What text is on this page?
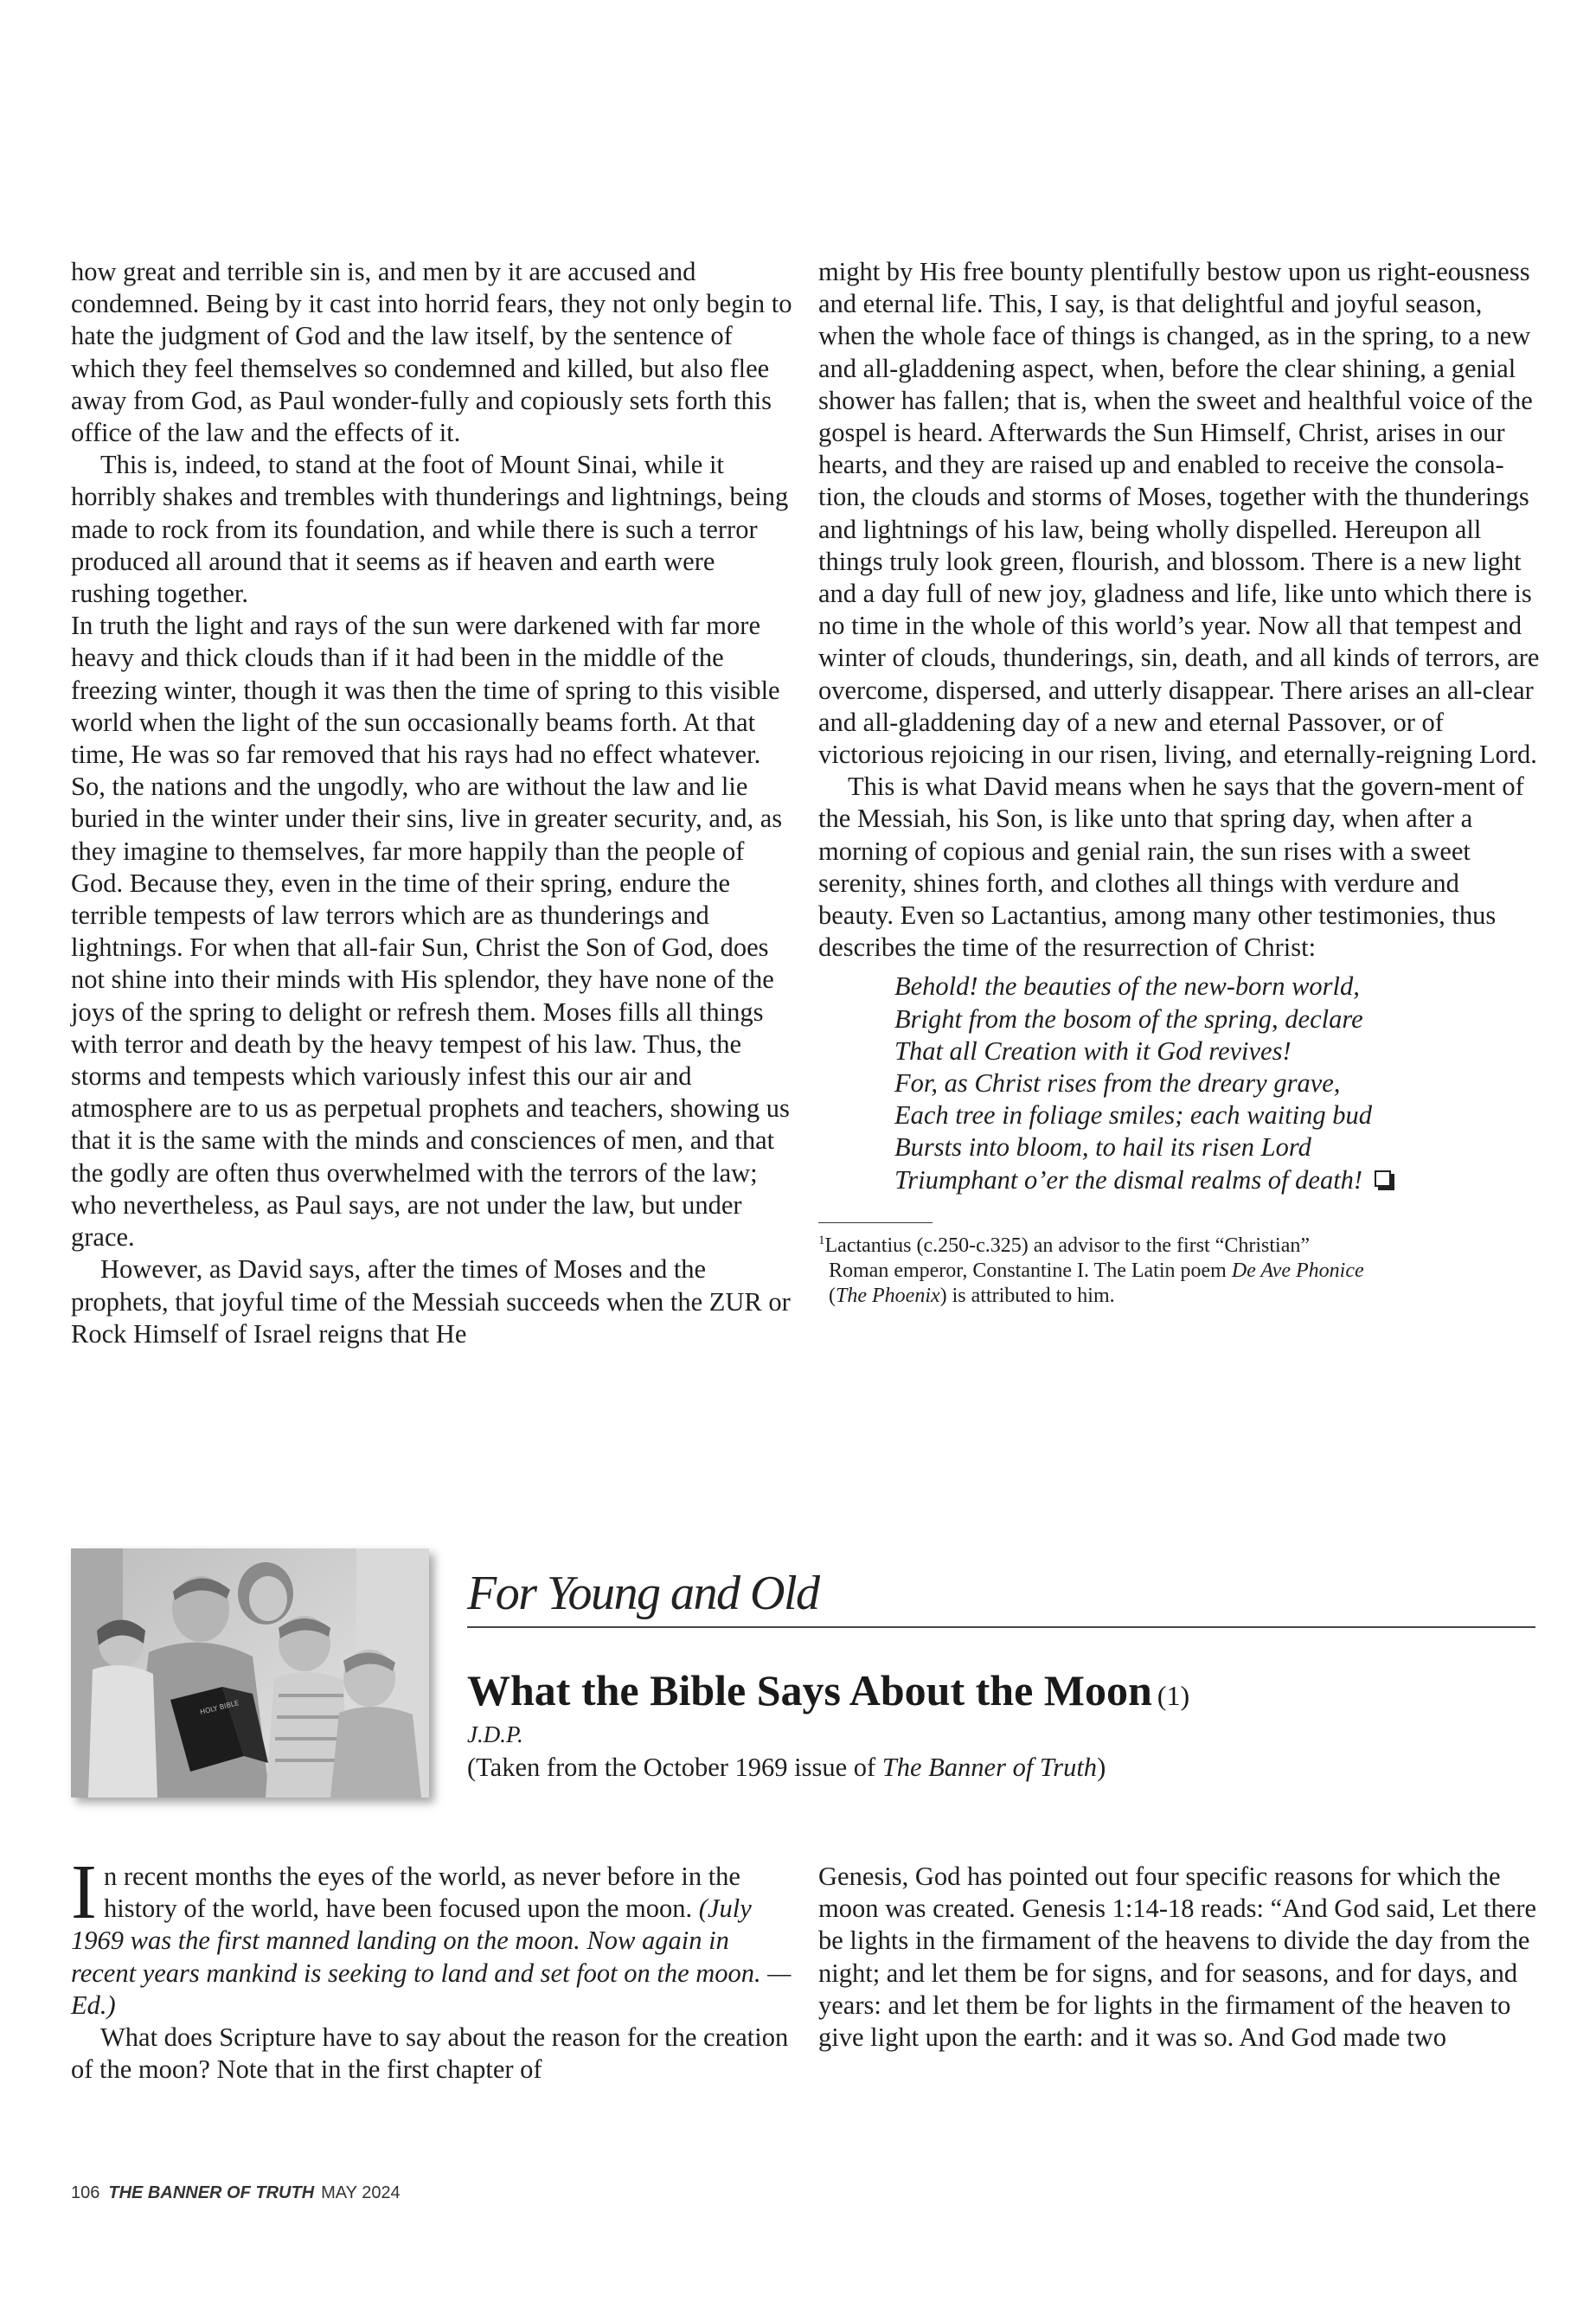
how great and terrible sin is, and men by it are accused and condemned. Being by it cast into horrid fears, they not only begin to hate the judgment of God and the law itself, by the sentence of which they feel themselves so condemned and killed, but also flee away from God, as Paul wonder-fully and copiously sets forth this office of the law and the effects of it.

This is, indeed, to stand at the foot of Mount Sinai, while it horribly shakes and trembles with thunderings and lightnings, being made to rock from its foundation, and while there is such a terror produced all around that it seems as if heaven and earth were rushing together.

In truth the light and rays of the sun were darkened with far more heavy and thick clouds than if it had been in the middle of the freezing winter, though it was then the time of spring to this visible world when the light of the sun occasionally beams forth. At that time, He was so far removed that his rays had no effect whatever. So, the nations and the ungodly, who are without the law and lie buried in the winter under their sins, live in greater security, and, as they imagine to themselves, far more happily than the people of God. Because they, even in the time of their spring, endure the terrible tempests of law terrors which are as thunderings and lightnings. For when that all-fair Sun, Christ the Son of God, does not shine into their minds with His splendor, they have none of the joys of the spring to delight or refresh them. Moses fills all things with terror and death by the heavy tempest of his law. Thus, the storms and tempests which variously infest this our air and atmosphere are to us as perpetual prophets and teachers, showing us that it is the same with the minds and consciences of men, and that the godly are often thus overwhelmed with the terrors of the law; who nevertheless, as Paul says, are not under the law, but under grace.

However, as David says, after the times of Moses and the prophets, that joyful time of the Messiah succeeds when the ZUR or Rock Himself of Israel reigns that He

might by His free bounty plentifully bestow upon us right-eousness and eternal life. This, I say, is that delightful and joyful season, when the whole face of things is changed, as in the spring, to a new and all-gladdening aspect, when, before the clear shining, a genial shower has fallen; that is, when the sweet and healthful voice of the gospel is heard. Afterwards the Sun Himself, Christ, arises in our hearts, and they are raised up and enabled to receive the consola-tion, the clouds and storms of Moses, together with the thunderings and lightnings of his law, being wholly dispelled. Hereupon all things truly look green, flourish, and blossom. There is a new light and a day full of new joy, gladness and life, like unto which there is no time in the whole of this world’s year. Now all that tempest and winter of clouds, thunderings, sin, death, and all kinds of terrors, are overcome, dispersed, and utterly disappear. There arises an all-clear and all-gladdening day of a new and eternal Passover, or of victorious rejoicing in our risen, living, and eternally-reigning Lord.

This is what David means when he says that the govern-ment of the Messiah, his Son, is like unto that spring day, when after a morning of copious and genial rain, the sun rises with a sweet serenity, shines forth, and clothes all things with verdure and beauty. Even so Lactantius, among many other testimonies, thus describes the time of the resurrection of Christ:

Behold! the beauties of the new-born world,
Bright from the bosom of the spring, declare
That all Creation with it God revives!
For, as Christ rises from the dreary grave,
Each tree in foliage smiles; each waiting bud
Bursts into bloom, to hail its risen Lord
Triumphant o’er the dismal realms of death!
$^1$Lactantius (c.250-c.325) an advisor to the first “Christian”
Roman emperor, Constantine I. The Latin poem De Ave Phonice
(The Phoenix) is attributed to him.
HOLY BIBLE
For Young and Old
What the Bible Says About the Moon (1)
J.D.P.
(Taken from the October 1969 issue of The Banner of Truth)

In recent months the eyes of the world, as never before in the history of the world, have been focused upon the moon. (July 1969 was the first manned landing on the moon. Now again in recent years mankind is seeking to land and set foot on the moon. —Ed.)

What does Scripture have to say about the reason for the creation of the moon? Note that in the first chapter of

Genesis, God has pointed out four specific reasons for which the moon was created. Genesis 1:14-18 reads: “And God said, Let there be lights in the firmament of the heavens to divide the day from the night; and let them be for signs, and for seasons, and for days, and years: and let them be for lights in the firmament of the heaven to give light upon the earth: and it was so. And God made two

106 THE BANNER OF TRUTH MAY 2024
